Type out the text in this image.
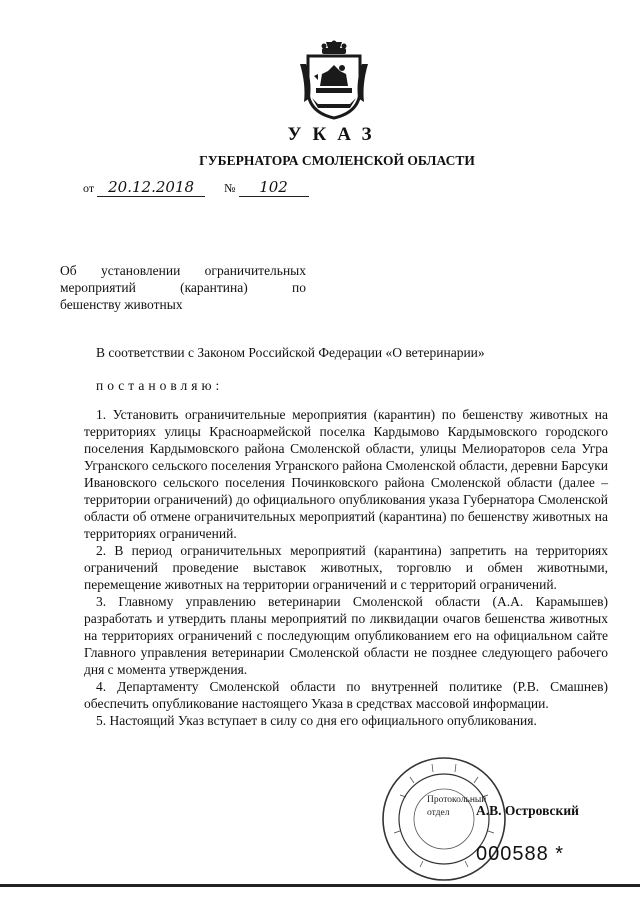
УКАЗ
ГУБЕРНАТОРА СМОЛЕНСКОЙ ОБЛАСТИ
от 20.12.2018	№ 102
Об установлении ограничительных
мероприятий (карантина) по
бешенству животных
В соответствии с Законом Российской Федерации «О ветеринарии»
постановляю:

1. Установить ограничительные мероприятия (карантин) по бешенству животных на территориях улицы Красноармейской поселка Кардымово Кардымовского городского поселения Кардымовского района Смоленской области, улицы Мелиораторов села Угра Угранского сельского поселения Угранского района Смоленской области, деревни Барсуки Ивановского сельского поселения Починковского района Смоленской области (далее – территории ограничений) до официального опубликования указа Губернатора Смоленской области об отмене ограничительных мероприятий (карантина) по бешенству животных на территориях ограничений.

2. В период ограничительных мероприятий (карантина) запретить на территориях ограничений проведение выставок животных, торговлю и обмен животными, перемещение животных на территории ограничений и с территорий ограничений.

3. Главному управлению ветеринарии Смоленской области (А.А. Карамышев) разработать и утвердить планы мероприятий по ликвидации очагов бешенства животных на территориях ограничений с последующим опубликованием его на официальном сайте Главного управления ветеринарии Смоленской области не позднее следующего рабочего дня с момента утверждения.

4. Департаменту Смоленской области по внутренней политике (Р.В. Смашнев) обеспечить опубликование настоящего Указа в средствах массовой информации.

5. Настоящий Указ вступает в силу со дня его официального опубликования.

Протокольный
отдел	А.В. Островский
000588 *
